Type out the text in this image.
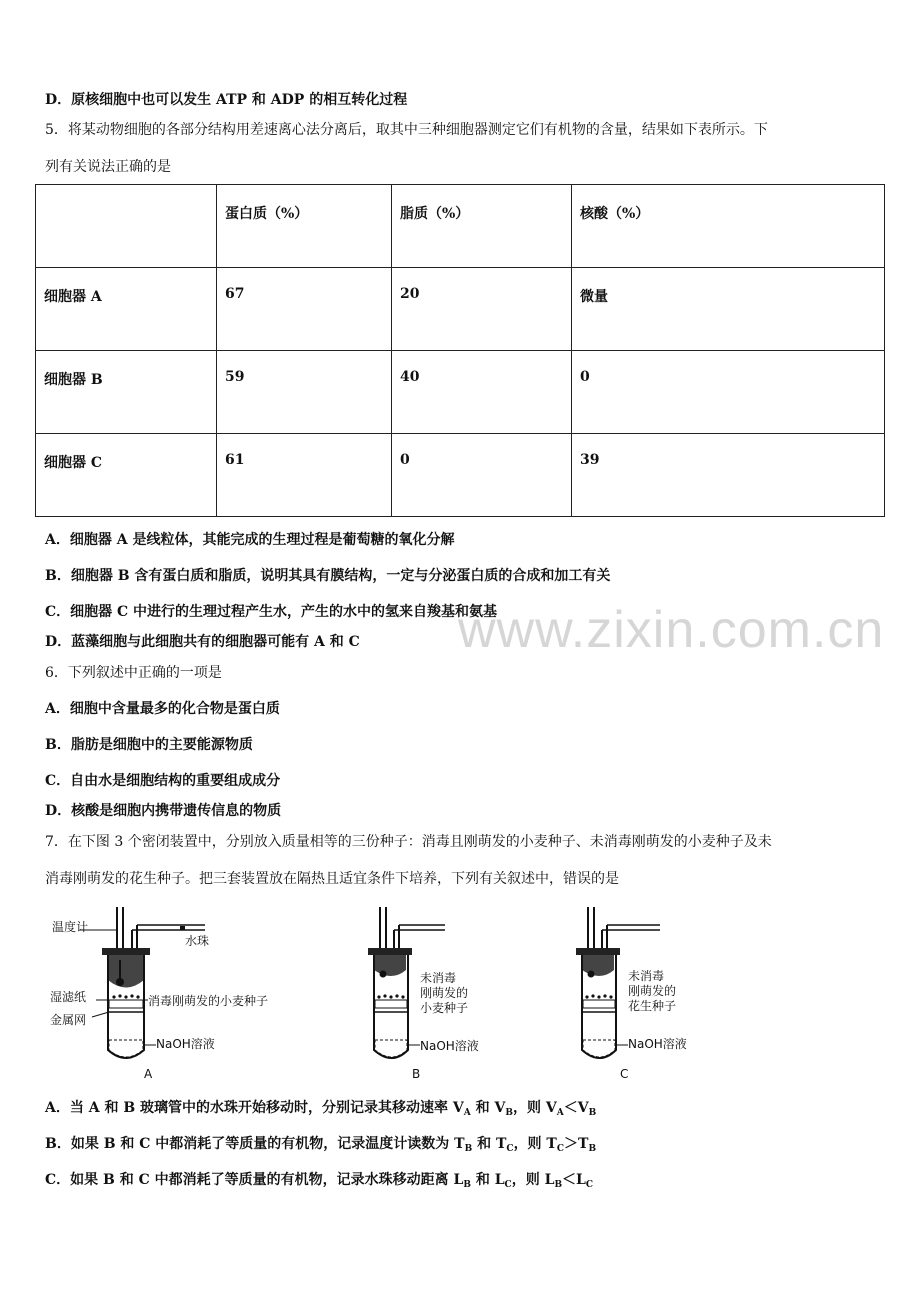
D．原核细胞中也可以发生 ATP 和 ADP 的相互转化过程
5．将某动物细胞的各部分结构用差速离心法分离后，取其中三种细胞器测定它们有机物的含量，结果如下表所示。下
列有关说法正确的是
	蛋白质（%）	脂质（%）	核酸（%）
细胞器 A	67	20	微量
细胞器 B	59	40	0
细胞器 C	61	0	39
A．细胞器 A 是线粒体，其能完成的生理过程是葡萄糖的氧化分解
B．细胞器 B 含有蛋白质和脂质，说明其具有膜结构，一定与分泌蛋白质的合成和加工有关
C．细胞器 C 中进行的生理过程产生水，产生的水中的氢来自羧基和氨基
D．蓝藻细胞与此细胞共有的细胞器可能有 A 和 C www.zixin.com.cn
6．下列叙述中正确的一项是
A．细胞中含量最多的化合物是蛋白质
B．脂肪是细胞中的主要能源物质
C．自由水是细胞结构的重要组成成分
D．核酸是细胞内携带遗传信息的物质
7．在下图 3 个密闭装置中，分别放入质量相等的三份种子：消毒且刚萌发的小麦种子、未消毒刚萌发的小麦种子及未
消毒刚萌发的花生种子。把三套装置放在隔热且适宜条件下培养，下列有关叙述中，错误的是
温度计
水珠
湿滤纸
金属网
消毒刚萌发的小麦种子
NaOH溶液
A
未消毒
刚萌发的
小麦种子
NaOH溶液
B
未消毒
刚萌发的
花生种子
NaOH溶液
C
A．当 A 和 B 玻璃管中的水珠开始移动时，分别记录其移动速率 $V_A$ 和 $V_B$，则 $V_A<V_B$
B．如果 B 和 C 中都消耗了等质量的有机物，记录温度计读数为 $T_B$ 和 $T_C$，则 $T_C>T_B$
C．如果 B 和 C 中都消耗了等质量的有机物，记录水珠移动距离 $L_B$ 和 $L_C$，则 $L_B<L_C$
